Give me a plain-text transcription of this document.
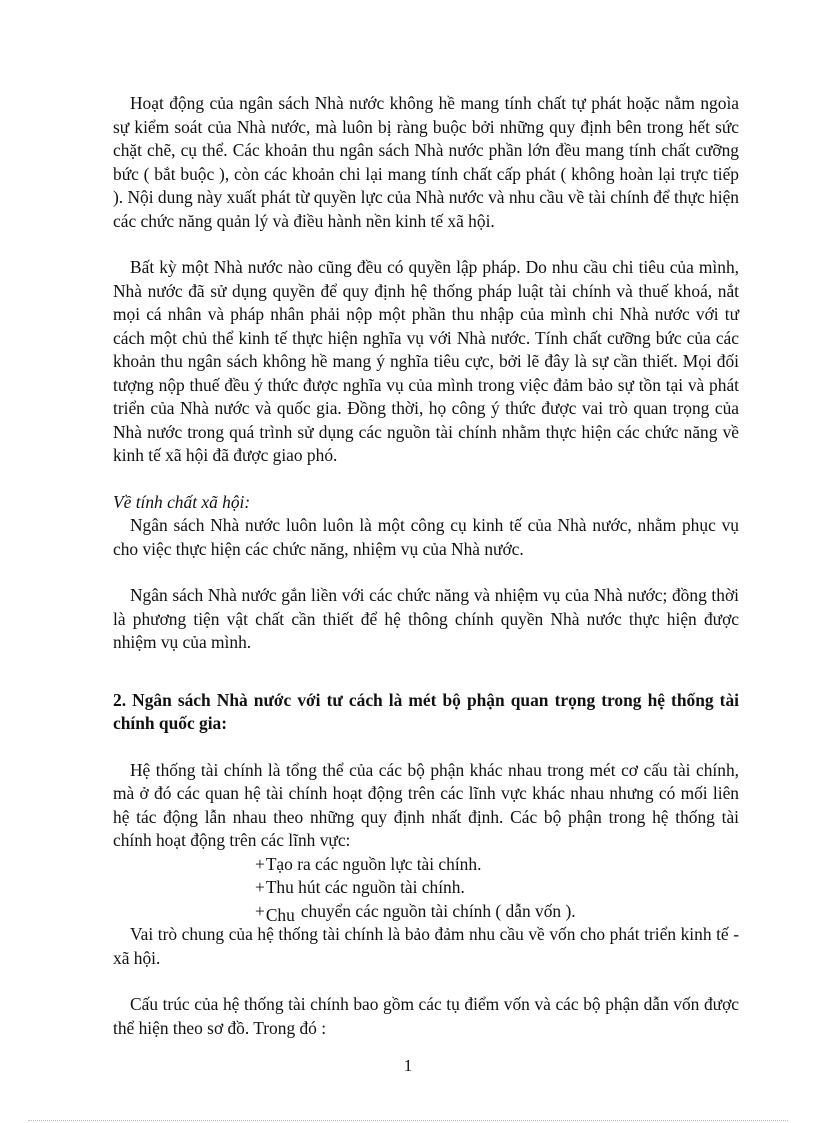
Hoạt động của ngân sách Nhà nước không hề mang tính chất tự phát hoặc nằm ngoìa sự kiểm soát của Nhà nước, mà luôn bị ràng buộc bởi những quy định bên trong hết sức chặt chẽ, cụ thể. Các khoản thu ngân sách Nhà nước phần lớn đều mang tính chất cưỡng bức ( bắt buộc ), còn các khoản chi lại mang tính chất cấp phát ( không hoàn lại trực tiếp ). Nội dung này xuất phát từ quyền lực của Nhà nước và nhu cầu về tài chính để thực hiện các chức năng quản lý và điều hành nền kinh tế xã hội.

Bất kỳ một Nhà nước nào cũng đều có quyền lập pháp. Do nhu cầu chi tiêu của mình, Nhà nước đã sử dụng quyền để quy định hệ thống pháp luật tài chính và thuế khoá, nắt mọi cá nhân và pháp nhân phải nộp một phần thu nhập của mình chi Nhà nước với tư cách một chủ thể kinh tế thực hiện nghĩa vụ với Nhà nước. Tính chất cưỡng bức của các khoản thu ngân sách không hề mang ý nghĩa tiêu cực, bởi lẽ đây là sự cần thiết. Mọi đối tượng nộp thuế đều ý thức được nghĩa vụ của mình trong việc đảm bảo sự tồn tại và phát triển của Nhà nước và quốc gia. Đồng thời, họ công ý thức được vai trò quan trọng của Nhà nước trong quá trình sử dụng các nguồn tài chính nhằm thực hiện các chức năng về kinh tế xã hội đã được giao phó.

Về tính chất xã hội:

Ngân sách Nhà nước luôn luôn là một công cụ kinh tế của Nhà nước, nhằm phục vụ cho việc thực hiện các chức năng, nhiệm vụ của Nhà nước.

Ngân sách Nhà nước gắn liền với các chức năng và nhiệm vụ của Nhà nước; đồng thời là phương tiện vật chất cần thiết để hệ thông chính quyền Nhà nước thực hiện được nhiệm vụ của mình.

2. Ngân sách Nhà nước với tư cách là mét bộ phận quan trọng trong hệ thống tài chính quốc gia:

Hệ thống tài chính là tổng thể của các bộ phận khác nhau trong mét cơ cấu tài chính, mà ở đó các quan hệ tài chính hoạt động trên các lĩnh vực khác nhau nhưng có mối liên hệ tác động lẫn nhau theo những quy định nhất định. Các bộ phận trong hệ thống tài chính hoạt động trên các lĩnh vực:

+Tạo ra các nguồn lực tài chính.
+Thu hút các nguồn tài chính.
+Chu chuyển các nguồn tài chính ( dẫn vốn ).

Vai trò chung của hệ thống tài chính là bảo đảm nhu cầu về vốn cho phát triển kinh tế - xã hội.

Cấu trúc của hệ thống tài chính bao gồm các tụ điểm vốn và các bộ phận dẫn vốn được thể hiện theo sơ đồ. Trong đó :

1
